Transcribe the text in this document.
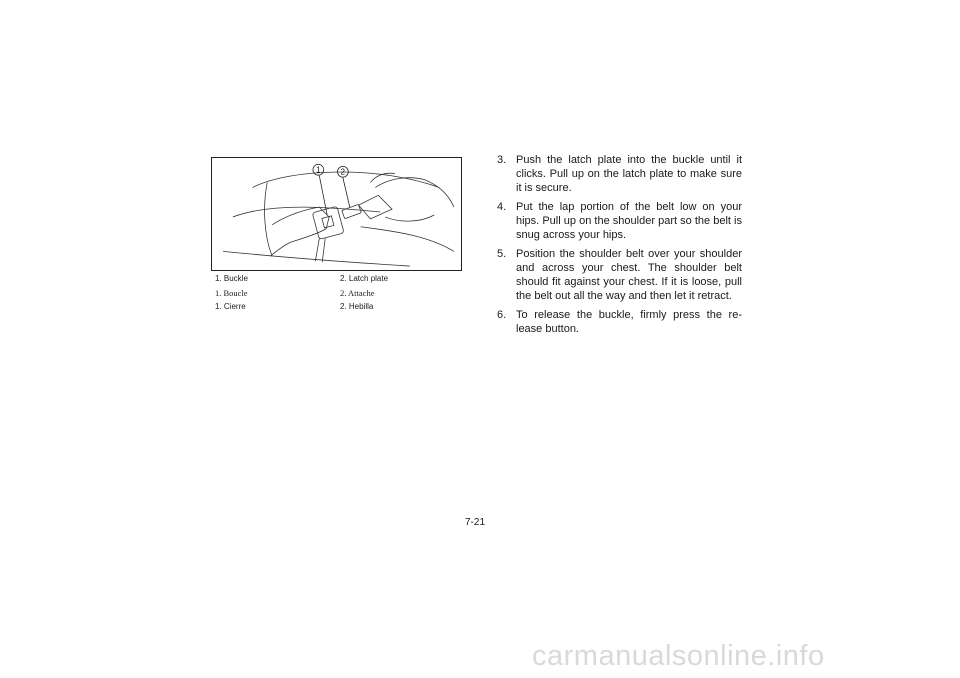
1	2
1. Buckle	2. Latch plate
1. Boucle	2. Attache
1. Cierre	2. Hebilla
3. Push the latch plate into the buckle until it clicks. Pull up on the latch plate to make sure it is secure.
4. Put the lap portion of the belt low on your hips. Pull up on the shoulder part so the belt is snug across your hips.
5. Position the shoulder belt over your shoulder and across your chest. The shoulder belt should fit against your chest. If it is loose, pull the belt out all the way and then let it retract.
6. To release the buckle, firmly press the re-lease button.
7-21
carmanualsonline.info
